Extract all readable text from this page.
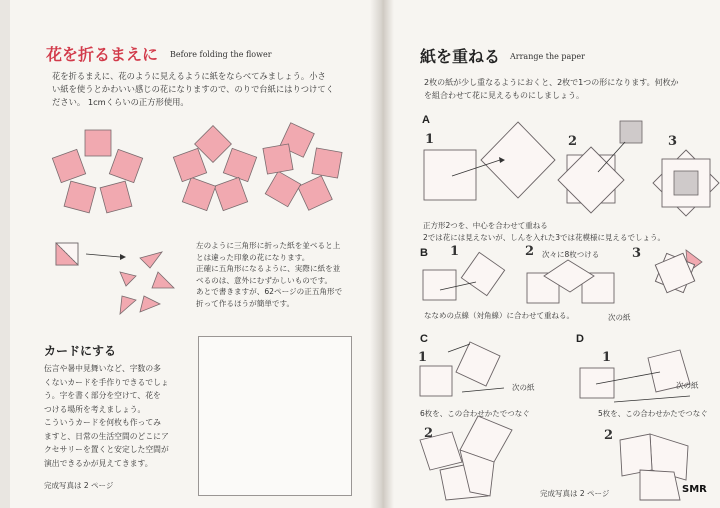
花を折るまえに Before folding the flower
花を折るまえに、花のように見えるように紙をならべてみましょう。小さ
い紙を使うとかわいい感じの花になりますので、のりで台紙にはりつけてく
ださい。 1cmくらいの正方形使用。
左のように三角形に折った紙を並べると上
とは違った印象の花になります。
正確に五角形になるように、実際に紙を並
べるのは、意外にむずかしいものです。
あとで書きますが、62ページの正五角形で
折って作るほうが簡単です。
カードにする
伝言や暑中見舞いなど、字数の多
くないカードを手作りできるでしょ
う。字を書く部分を空けて、花を
つける場所を考えましょう。
こういうカードを何枚も作ってみ
ますと、日常の生活空間のどこにア
クセサリーを置くと安定した空間が
演出できるかが見えてきます。
完成写真は 2 ページ
紙を重ねる Arrange the paper
2枚の紙が少し重なるようにおくと、2枚で1つの形になります。何枚か
を組合わせて花に見えるものにしましょう。
A
1	2	3
正方形2つを、中心を合わせて重ねる
2では花には見えないが、しんを入れた3では花模様に見えるでしょう。
B 1	2	3
次々に8枚つける
ななめの点線（対角線）に合わせて重ねる。	次の紙
C
1
2
次の紙
6枚を、この合わせかたでつなぐ
D
1
2
次の紙
5枚を、この合わせかたでつなぐ
完成写真は 2 ページ	SMR
